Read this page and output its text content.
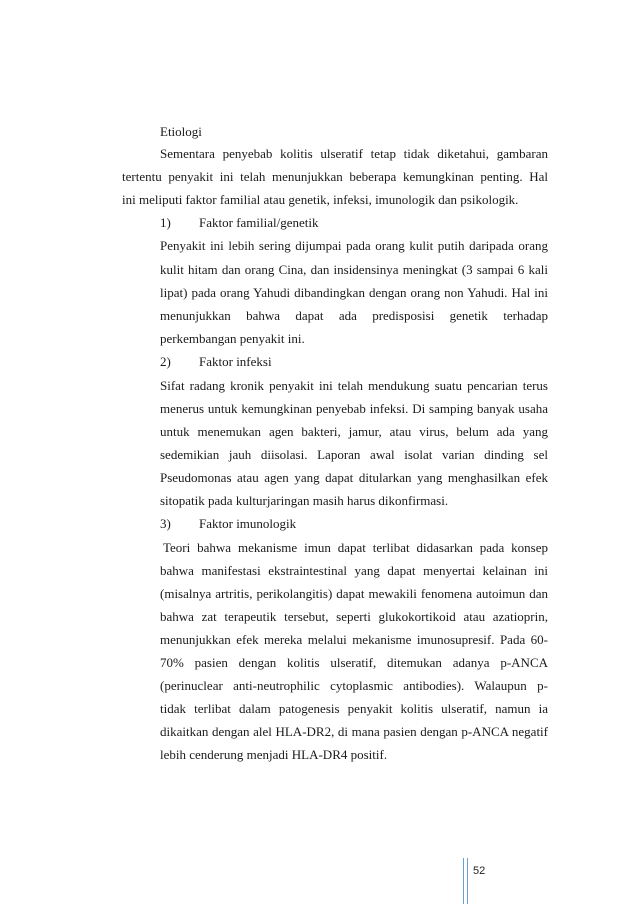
Etiologi
Sementara penyebab kolitis ulseratif tetap tidak diketahui, gambaran
tertentu penyakit ini telah menunjukkan beberapa kemungkinan penting. Hal
ini meliputi faktor familial atau genetik, infeksi, imunologik dan psikologik.
1) Faktor familial/genetik
Penyakit ini lebih sering dijumpai pada orang kulit putih daripada orang
kulit hitam dan orang Cina, dan insidensinya meningkat (3 sampai 6 kali
lipat) pada orang Yahudi dibandingkan dengan orang non Yahudi. Hal ini
menunjukkan bahwa dapat ada predisposisi genetik terhadap
perkembangan penyakit ini.
2) Faktor infeksi
Sifat radang kronik penyakit ini telah mendukung suatu pencarian terus
menerus untuk kemungkinan penyebab infeksi. Di samping banyak usaha
untuk menemukan agen bakteri, jamur, atau virus, belum ada yang
sedemikian jauh diisolasi. Laporan awal isolat varian dinding sel
Pseudomonas atau agen yang dapat ditularkan yang menghasilkan efek
sitopatik pada kulturjaringan masih harus dikonfirmasi.
3) Faktor imunologik
Teori bahwa mekanisme imun dapat terlibat didasarkan pada konsep
bahwa manifestasi ekstraintestinal yang dapat menyertai kelainan ini
(misalnya artritis, perikolangitis) dapat mewakili fenomena autoimun dan
bahwa zat terapeutik tersebut, seperti glukokortikoid atau azatioprin,
menunjukkan efek mereka melalui mekanisme imunosupresif. Pada 60-
70% pasien dengan kolitis ulseratif, ditemukan adanya p-ANCA
(perinuclear anti-neutrophilic cytoplasmic antibodies). Walaupun p-
tidak terlibat dalam patogenesis penyakit kolitis ulseratif, namun ia
dikaitkan dengan alel HLA-DR2, di mana pasien dengan p-ANCA negatif
lebih cenderung menjadi HLA-DR4 positif.
52
